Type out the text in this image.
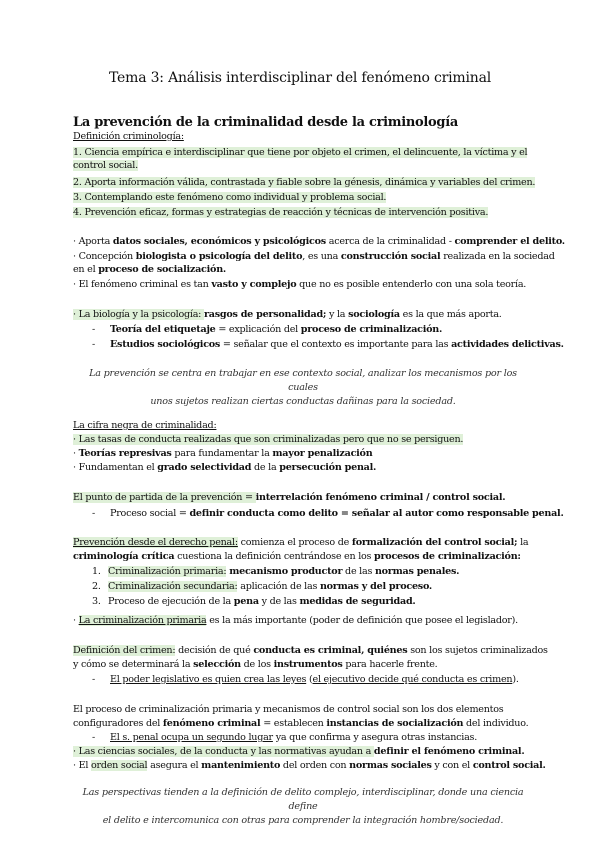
Tema 3: Análisis interdisciplinar del fenómeno criminal
La prevención de la criminalidad desde la criminología
Definición criminología:
1. Ciencia empírica e interdisciplinar que tiene por objeto el crimen, el delincuente, la víctima y el
control social.
2. Aporta información válida, contrastada y fiable sobre la génesis, dinámica y variables del crimen.
3. Contemplando este fenómeno como individual y problema social.
4. Prevención eficaz, formas y estrategias de reacción y técnicas de intervención positiva.
· Aporta datos sociales, económicos y psicológicos acerca de la criminalidad - comprender el delito.
· Concepción biologista o psicología del delito, es una construcción social realizada en la sociedad
en el proceso de socialización.
· El fenómeno criminal es tan vasto y complejo que no es posible entenderlo con una sola teoría.
· La biología y la psicología: rasgos de personalidad; y la sociología es la que más aporta.
- Teoría del etiquetaje = explicación del proceso de criminalización.
- Estudios sociológicos = señalar que el contexto es importante para las actividades delictivas.
La prevención se centra en trabajar en ese contexto social, analizar los mecanismos por los cuales
unos sujetos realizan ciertas conductas dañinas para la sociedad.
La cifra negra de criminalidad:
· Las tasas de conducta realizadas que son criminalizadas pero que no se persiguen.
· Teorías represivas para fundamentar la mayor penalización
· Fundamentan el grado selectividad de la persecución penal.
El punto de partida de la prevención = interrelación fenómeno criminal / control social.
- Proceso social = definir conducta como delito = señalar al autor como responsable penal.
Prevención desde el derecho penal: comienza el proceso de formalización del control social; la
criminología crítica cuestiona la definición centrándose en los procesos de criminalización:
1. Criminalización primaria: mecanismo productor de las normas penales.
2. Criminalización secundaria: aplicación de las normas y del proceso.
3. Proceso de ejecución de la pena y de las medidas de seguridad.
· La criminalización primaria es la más importante (poder de definición que posee el legislador).
Definición del crimen: decisión de qué conducta es criminal, quiénes son los sujetos criminalizados
y cómo se determinará la selección de los instrumentos para hacerle frente.
- El poder legislativo es quien crea las leyes (el ejecutivo decide qué conducta es crimen).
El proceso de criminalización primaria y mecanismos de control social son los dos elementos
configuradores del fenómeno criminal = establecen instancias de socialización del individuo.
- El s. penal ocupa un segundo lugar ya que confirma y asegura otras instancias.
· Las ciencias sociales, de la conducta y las normativas ayudan a definir el fenómeno criminal.
· El orden social asegura el mantenimiento del orden con normas sociales y con el control social.
Las perspectivas tienden a la definición de delito complejo, interdisciplinar, donde una ciencia define
el delito e intercomunica con otras para comprender la integración hombre/sociedad.
